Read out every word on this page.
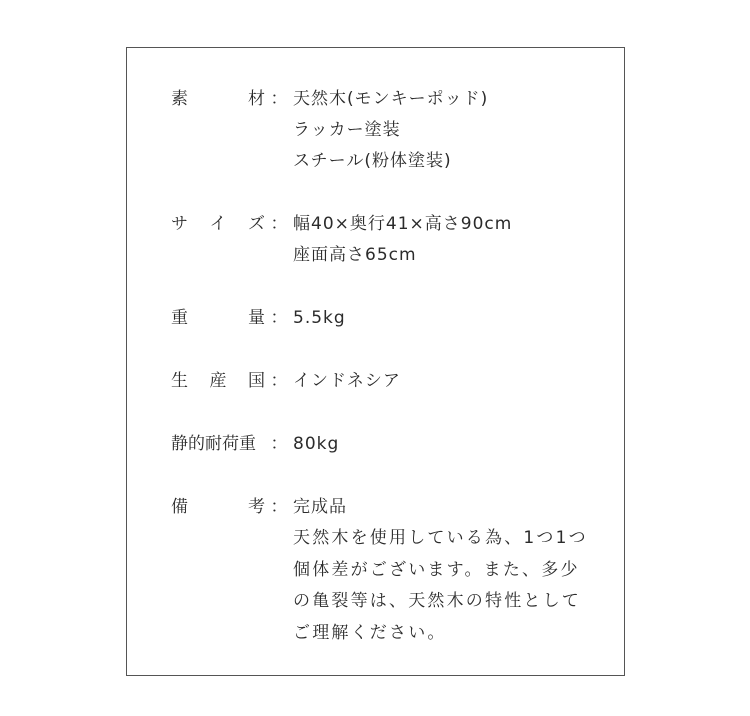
素	材 ： 天然木(モンキーポッド)
ラッカー塗装
スチール(粉体塗装)
サ イ ズ ： 幅40×奥行41×高さ90cm
座面高さ65cm
重	量 ： 5.5kg
生 産 国 ： インドネシア
静的耐荷重 ： 80kg
備	考 ： 完成品
天然木を使用している為、1つ1つ
個体差がございます。また、多少
の亀裂等は、天然木の特性として
ご理解ください。
